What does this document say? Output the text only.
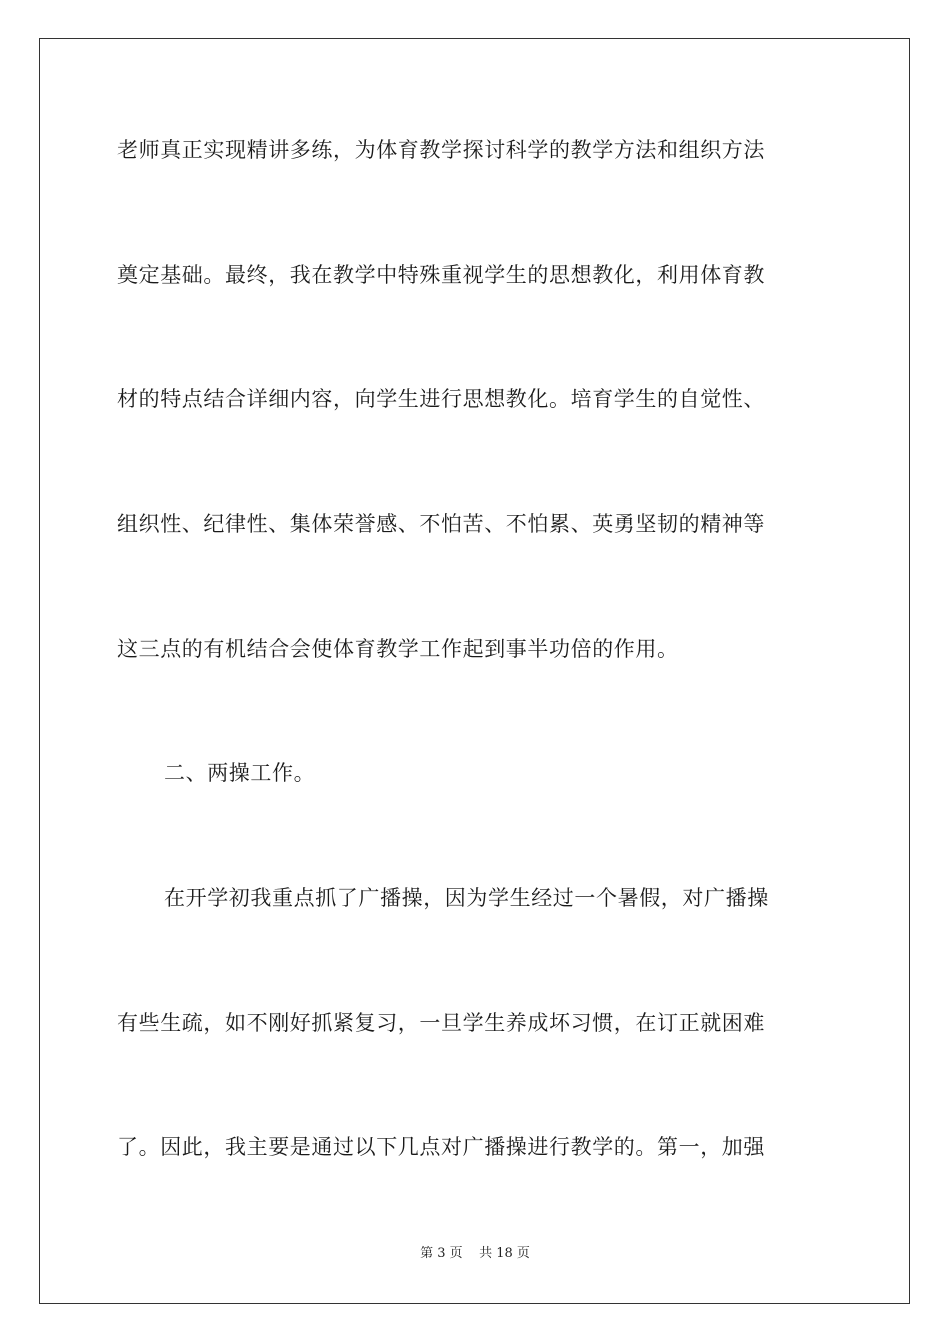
老师真正实现精讲多练，为体育教学探讨科学的教学方法和组织方法
奠定基础。最终，我在教学中特殊重视学生的思想教化，利用体育教
材的特点结合详细内容，向学生进行思想教化。培育学生的自觉性、
组织性、纪律性、集体荣誉感、不怕苦、不怕累、英勇坚韧的精神等
这三点的有机结合会使体育教学工作起到事半功倍的作用。
二、两操工作。
在开学初我重点抓了广播操，因为学生经过一个暑假，对广播操
有些生疏，如不刚好抓紧复习，一旦学生养成坏习惯，在订正就困难
了。因此，我主要是通过以下几点对广播操进行教学的。第一，加强
第 3 页    共 18 页
